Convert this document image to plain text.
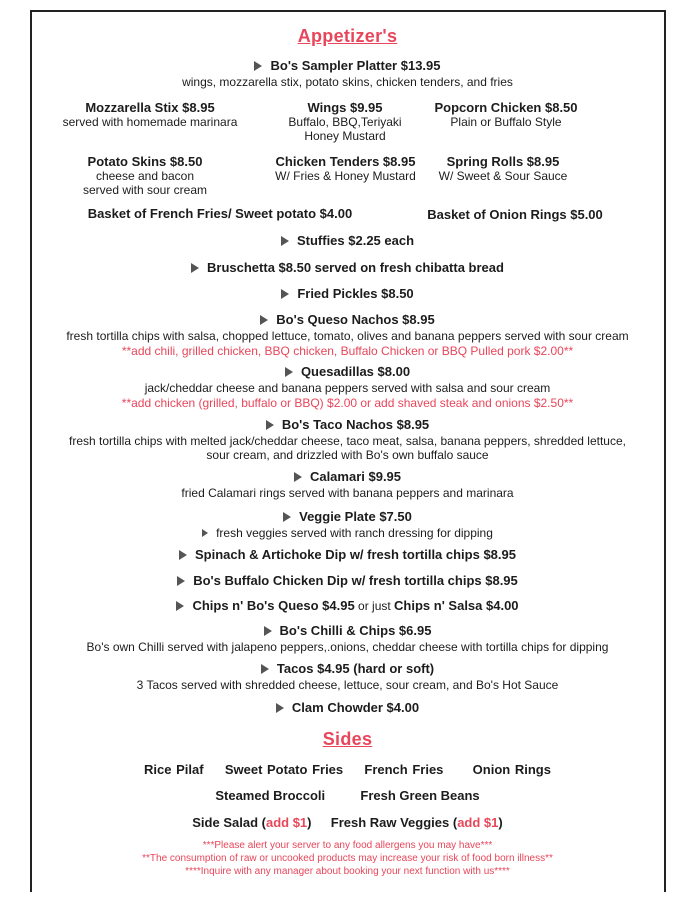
Appetizer's
Bo's Sampler Platter $13.95
wings, mozzarella stix, potato skins, chicken tenders, and fries
Mozzarella Stix $8.95
served with homemade marinara
Wings $9.95
Buffalo, BBQ,Teriyaki
Honey Mustard
Popcorn Chicken $8.50
Plain or Buffalo Style
Potato Skins $8.50
cheese and bacon
served with sour cream
Chicken Tenders $8.95
W/ Fries & Honey Mustard
Spring Rolls $8.95
W/ Sweet & Sour Sauce
Basket of French Fries/ Sweet potato $4.00	Basket of Onion Rings $5.00
Stuffies $2.25 each
Bruschetta $8.50 served on fresh chibatta bread
Fried Pickles $8.50
Bo's Queso Nachos $8.95
fresh tortilla chips with salsa, chopped lettuce, tomato, olives and banana peppers served with sour cream
**add chili, grilled chicken, BBQ chicken, Buffalo Chicken or BBQ Pulled pork $2.00**
Quesadillas $8.00
jack/cheddar cheese and banana peppers served with salsa and sour cream
**add chicken (grilled, buffalo or BBQ) $2.00 or add shaved steak and onions $2.50**
Bo's Taco Nachos $8.95
fresh tortilla chips with melted jack/cheddar cheese, taco meat, salsa, banana peppers, shredded lettuce,
sour cream, and drizzled with Bo's own buffalo sauce
Calamari $9.95
fried Calamari rings served with banana peppers and marinara
Veggie Plate $7.50
fresh veggies served with ranch dressing for dipping
Spinach & Artichoke Dip w/ fresh tortilla chips $8.95
Bo's Buffalo Chicken Dip w/ fresh tortilla chips $8.95
Chips n' Bo's Queso $4.95 or just Chips n' Salsa $4.00
Bo's Chilli & Chips $6.95
Bo's own Chilli served with jalapeno peppers,.onions, cheddar cheese with tortilla chips for dipping
Tacos $4.95 (hard or soft)
3 Tacos served with shredded cheese, lettuce, sour cream, and Bo's Hot Sauce
Clam Chowder $4.00
Sides
Rice Pilaf Sweet Potato Fries French Fries Onion Rings
Steamed Broccoli	Fresh Green Beans
Side Salad (add $1) Fresh Raw Veggies (add $1)
***Please alert your server to any food allergens you may have***
**The consumption of raw or uncooked products may increase your risk of food born illness**
****Inquire with any manager about booking your next function with us****
